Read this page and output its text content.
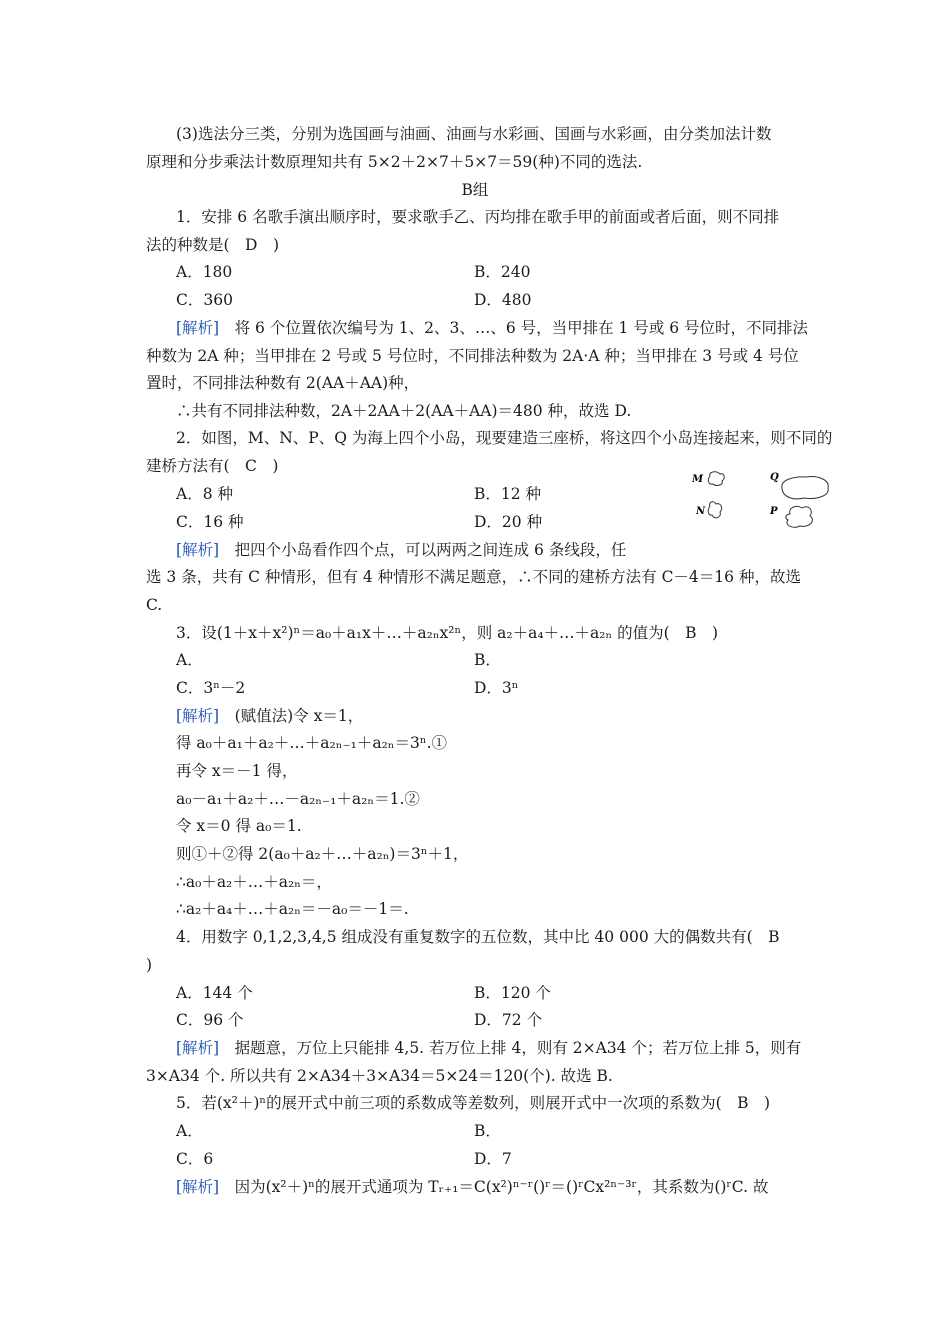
(3)选法分三类，分别为选国画与油画、油画与水彩画、国画与水彩画，由分类加法计数
原理和分步乘法计数原理知共有 5×2＋2×7＋5×7＝59(种)不同的选法.
B组
1．安排 6 名歌手演出顺序时，要求歌手乙、丙均排在歌手甲的前面或者后面，则不同排
法的种数是(　D　)
A．180	B．240
C．360	D．480
[解析]　将 6 个位置依次编号为 1、2、3、…、6 号，当甲排在 1 号或 6 号位时，不同排法
种数为 2A 种；当甲排在 2 号或 5 号位时，不同排法种数为 2A·A 种；当甲排在 3 号或 4 号位
置时，不同排法种数有 2(AA＋AA)种，
∴共有不同排法种数，2A＋2AA＋2(AA＋AA)＝480 种，故选 D.
2．如图，M、N、P、Q 为海上四个小岛，现要建造三座桥，将这四个小岛连接起来，则不同的
建桥方法有(　C　)
A．8 种	B．12 种
C．16 种	D．20 种
M	Q
N	P
[解析]　把四个小岛看作四个点，可以两两之间连成 6 条线段，任
选 3 条，共有 C 种情形，但有 4 种情形不满足题意，∴不同的建桥方法有 C－4＝16 种，故选
C.
3．设(1＋x＋x²)ⁿ＝a₀＋a₁x＋…＋a₂ₙx²ⁿ，则 a₂＋a₄＋…＋a₂ₙ 的值为(　B　)
A．	B．
C．3ⁿ－2	D．3ⁿ
[解析]　(赋值法)令 x＝1，
得 a₀＋a₁＋a₂＋…＋a₂ₙ₋₁＋a₂ₙ＝3ⁿ.①
再令 x＝－1 得，
a₀－a₁＋a₂＋…－a₂ₙ₋₁＋a₂ₙ＝1.②
令 x＝0 得 a₀＝1.
则①＋②得 2(a₀＋a₂＋…＋a₂ₙ)＝3ⁿ＋1，
∴a₀＋a₂＋…＋a₂ₙ＝，
∴a₂＋a₄＋…＋a₂ₙ＝－a₀＝－1＝.
4．用数字 0,1,2,3,4,5 组成没有重复数字的五位数，其中比 40 000 大的偶数共有(　B
)
A．144 个	B．120 个
C．96 个	D．72 个
[解析]　据题意，万位上只能排 4,5. 若万位上排 4，则有 2×A34 个；若万位上排 5，则有
3×A34 个. 所以共有 2×A34＋3×A34＝5×24＝120(个). 故选 B.
5．若(x²＋)ⁿ的展开式中前三项的系数成等差数列，则展开式中一次项的系数为(　B　)
A．	B．
C．6	D．7
[解析]　因为(x²＋)ⁿ的展开式通项为 Tᵣ₊₁＝C(x²)ⁿ⁻ʳ()ʳ＝()ʳCx²ⁿ⁻³ʳ，其系数为()ʳC. 故
